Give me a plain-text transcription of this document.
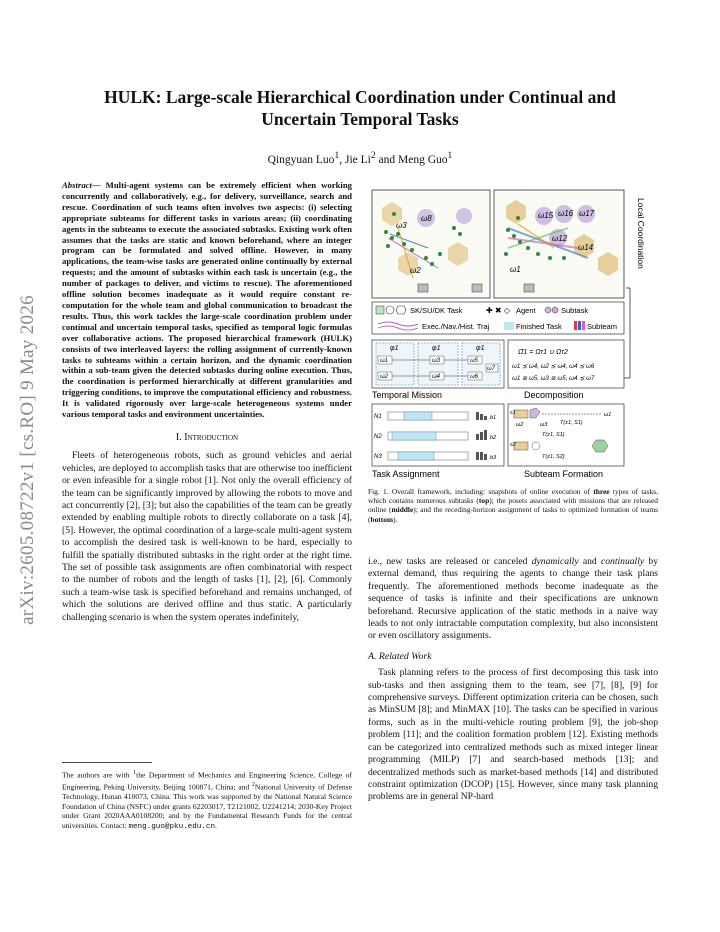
arXiv:2605.08722v1 [cs.RO] 9 May 2026
HULK: Large-scale Hierarchical Coordination under Continual and
Uncertain Temporal Tasks
Qingyuan Luo$^1$, Jie Li$^2$ and Meng Guo$^1$
Abstract— Multi-agent systems can be extremely efficient when working concurrently and collaboratively, e.g., for delivery, surveillance, search and rescue. Coordination of such teams often involves two aspects: (i) selecting appropriate subteams for different tasks in various areas; (ii) coordinating agents in the subteams to execute the associated subtasks. Existing work often assumes that the tasks are static and known beforehand, where an integer program can be formulated and solved offline. However, in many applications, the team-wise tasks are generated online continually by external requests; and the amount of subtasks within each task is uncertain (e.g., the number of packages to deliver, and victims to rescue). The aforementioned offline solution becomes inadequate as it would require constant re-computation for the whole team and global communication to broadcast the results. Thus, this work tackles the large-scale coordination problem under continual and uncertain temporal tasks, specified as temporal logic formulas over collaborative actions. The proposed hierarchical framework (HULK) consists of two interleaved layers: the rolling assignment of currently-known tasks to subteams within a certain horizon, and the dynamic coordination within a sub-team given the detected subtasks during online execution. Thus, the coordination is performed hierarchically at different granularities and triggering conditions, to improve the computational efficiency and robustness. It is validated rigorously over large-scale heterogeneous systems under various temporal tasks and environment uncertainties.
I. Introduction
Fleets of heterogeneous robots, such as ground vehicles and aerial vehicles, are deployed to accomplish tasks that are otherwise too inefficient or even infeasible for a single robot [1]. Not only the overall efficiency of the team can be significantly improved by allowing the robots to move and act concurrently [2], [3]; but also the capabilities of the team can be greatly extended by enabling multiple robots to directly collaborate on a task [4], [5]. However, the optimal coordination of a large-scale multi-agent system to accomplish the desired task is well-known to be hard, especially to fulfill the spatially distributed subtasks in the right order at the right time. The set of possible task assignments are often combinatorial with respect to the number of robots and the length of tasks [1], [2], [6]. Commonly such a team-wise task is specified beforehand and remains unchanged, of which the solutions are derived offline and thus static. A particularly challenging scenario is when the system operates indefinitely,
The authors are with $^1$the Department of Mechanics and Engineering Science, College of Engineering, Peking University, Beijing 100871, China; and $^2$National University of Defense Technology, Hunan 410073, China. This work was supported by the National Natural Science Foundation of China (NSFC) under grants 62203017, T2121002, U2241214; 2030-Key Project under Grant 2020AAA0108200; and by the Fundamental Research Funds for the central universities. Contact: meng.guo@pku.edu.cn.
ω8
ω3
ω2
ω15 ω16 ω17
ω12
ω14
ω1
Local Coordination
SK/SU/DK Task	✚ ✖ ◇ Agent	Subtask
Exec./Nav./Hist. Traj	Finished Task	Subteam
φ1	φ1	φ1
ω1
ω2
ω3
ω4
ω5
ω6
ω7
Temporal Mission
Ω̄1 = Ωτ1 ∪ Ωτ2
ω1 ⪯ ω4, ω2 ⪯ ω4, ω4 ⪯ ω6
ω1 ≅ ω5, ω3 ≅ ω5, ω4 ⪯ ω7
Decomposition
N1
N2
N3
b1
b2
b3
Task Assignment
ω1
ω2	ω3 T(z1, S1)
T(z1, S1)
T(z1, S2)
s1
s2
Subteam Formation
Fig. 1. Overall framework, including: snapshots of online execution of three types of tasks, which contains numerous subtasks (top); the posets associated with missions that are released online (middle); and the receding-horizon assignment of tasks to optimized formation of teams (bottom).
i.e., new tasks are released or canceled dynamically and continually by external demand, thus requiring the agents to change their task plans frequently. The aforementioned methods become inadequate as the sequence of tasks is infinite and their specifications are unknown beforehand. Recursive application of the static methods in a naive way leads to not only intractable computation complexity, but also inconsistent or even oscillatory assignments.
A. Related Work
Task planning refers to the process of first decomposing this task into sub-tasks and then assigning them to the team, see [7], [8], [9] for comprehensive surveys. Different optimization criteria can be chosen, such as MinSUM [8]; and MinMAX [10]. The tasks can be specified in various forms, such as in the multi-vehicle routing problem [9], the job-shop problem [11]; and the coalition formation problem [12]. Existing methods can be categorized into centralized methods such as mixed integer linear programming (MILP) [7] and search-based methods [13]; and decentralized methods such as market-based methods [14] and distributed constraint optimization (DCOP) [15]. However, since many task planning problems are in general NP-hard
